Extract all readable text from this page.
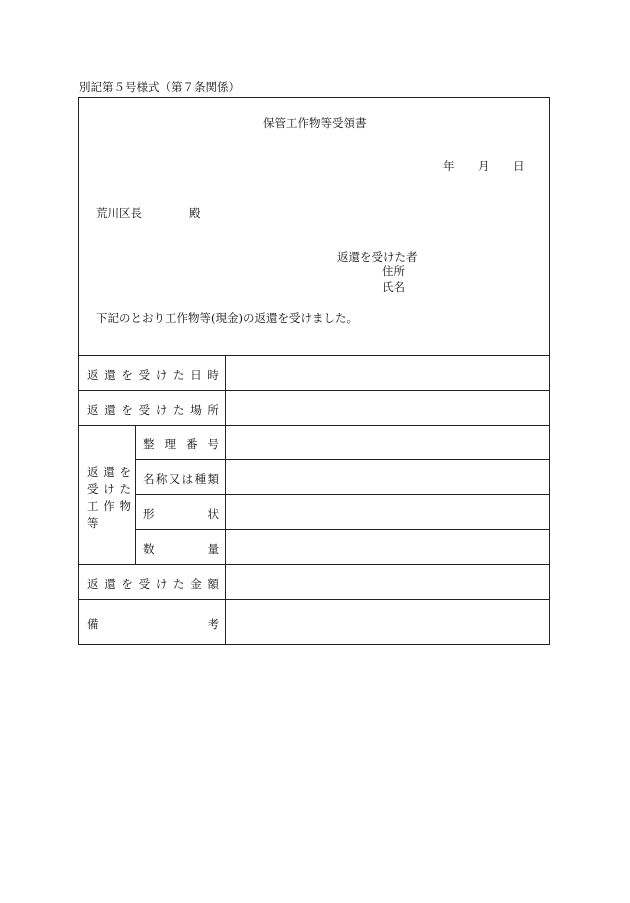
別記第５号様式（第７条関係）
保管工作物等受領書
年 月 日
荒川区長	殿
返還を受けた者
住所
氏名
下記のとおり工作物等(現金)の返還を受けました。
返 還 を 受 け た 日 時
返 還 を 受 け た 場 所
返 還 を
受 け た
工 作 物
等
整 理 番 号
名 称 又 は 種 類
形	状
数	量
返 還 を 受 け た 金 額
備	考
